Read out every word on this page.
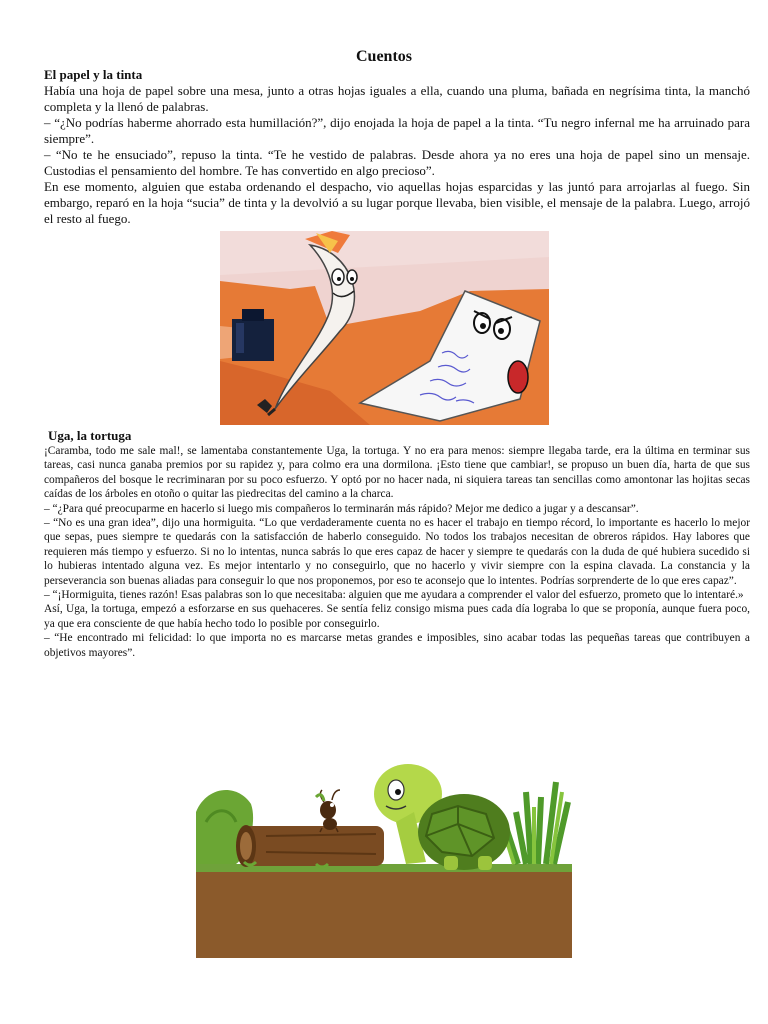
Cuentos
El papel y la tinta

Había una hoja de papel sobre una mesa, junto a otras hojas iguales a ella, cuando una pluma, bañada en negrísima tinta, la manchó completa y la llenó de palabras.

– “¿No podrías haberme ahorrado esta humillación?”, dijo enojada la hoja de papel a la tinta. “Tu negro infernal me ha arruinado para siempre”.

– “No te he ensuciado”, repuso la tinta. “Te he vestido de palabras. Desde ahora ya no eres una hoja de papel sino un mensaje. Custodias el pensamiento del hombre. Te has convertido en algo precioso”.

En ese momento, alguien que estaba ordenando el despacho, vio aquellas hojas esparcidas y las juntó para arrojarlas al fuego. Sin embargo, reparó en la hoja “sucia” de tinta y la devolvió a su lugar porque llevaba, bien visible, el mensaje de la palabra. Luego, arrojó el resto al fuego.

Uga, la tortuga

¡Caramba, todo me sale mal!, se lamentaba constantemente Uga, la tortuga. Y no era para menos: siempre llegaba tarde, era la última en terminar sus tareas, casi nunca ganaba premios por su rapidez y, para colmo era una dormilona. ¡Esto tiene que cambiar!, se propuso un buen día, harta de que sus compañeros del bosque le recriminaran por su poco esfuerzo. Y optó por no hacer nada, ni siquiera tareas tan sencillas como amontonar las hojitas secas caídas de los árboles en otoño o quitar las piedrecitas del camino a la charca.

– “¿Para qué preocuparme en hacerlo si luego mis compañeros lo terminarán más rápido? Mejor me dedico a jugar y a descansar”.

– “No es una gran idea”, dijo una hormiguita. “Lo que verdaderamente cuenta no es hacer el trabajo en tiempo récord, lo importante es hacerlo lo mejor que sepas, pues siempre te quedarás con la satisfacción de haberlo conseguido. No todos los trabajos necesitan de obreros rápidos. Hay labores que requieren más tiempo y esfuerzo. Si no lo intentas, nunca sabrás lo que eres capaz de hacer y siempre te quedarás con la duda de qué hubiera sucedido si lo hubieras intentado alguna vez. Es mejor intentarlo y no conseguirlo, que no hacerlo y vivir siempre con la espina clavada. La constancia y la perseverancia son buenas aliadas para conseguir lo que nos proponemos, por eso te aconsejo que lo intentes. Podrías sorprenderte de lo que eres capaz”.

– “¡Hormiguita, tienes razón! Esas palabras son lo que necesitaba: alguien que me ayudara a comprender el valor del esfuerzo, prometo que lo intentaré.»

Así, Uga, la tortuga, empezó a esforzarse en sus quehaceres. Se sentía feliz consigo misma pues cada día lograba lo que se proponía, aunque fuera poco, ya que era consciente de que había hecho todo lo posible por conseguirlo.

– “He encontrado mi felicidad: lo que importa no es marcarse metas grandes e imposibles, sino acabar todas las pequeñas tareas que contribuyen a objetivos mayores”.
